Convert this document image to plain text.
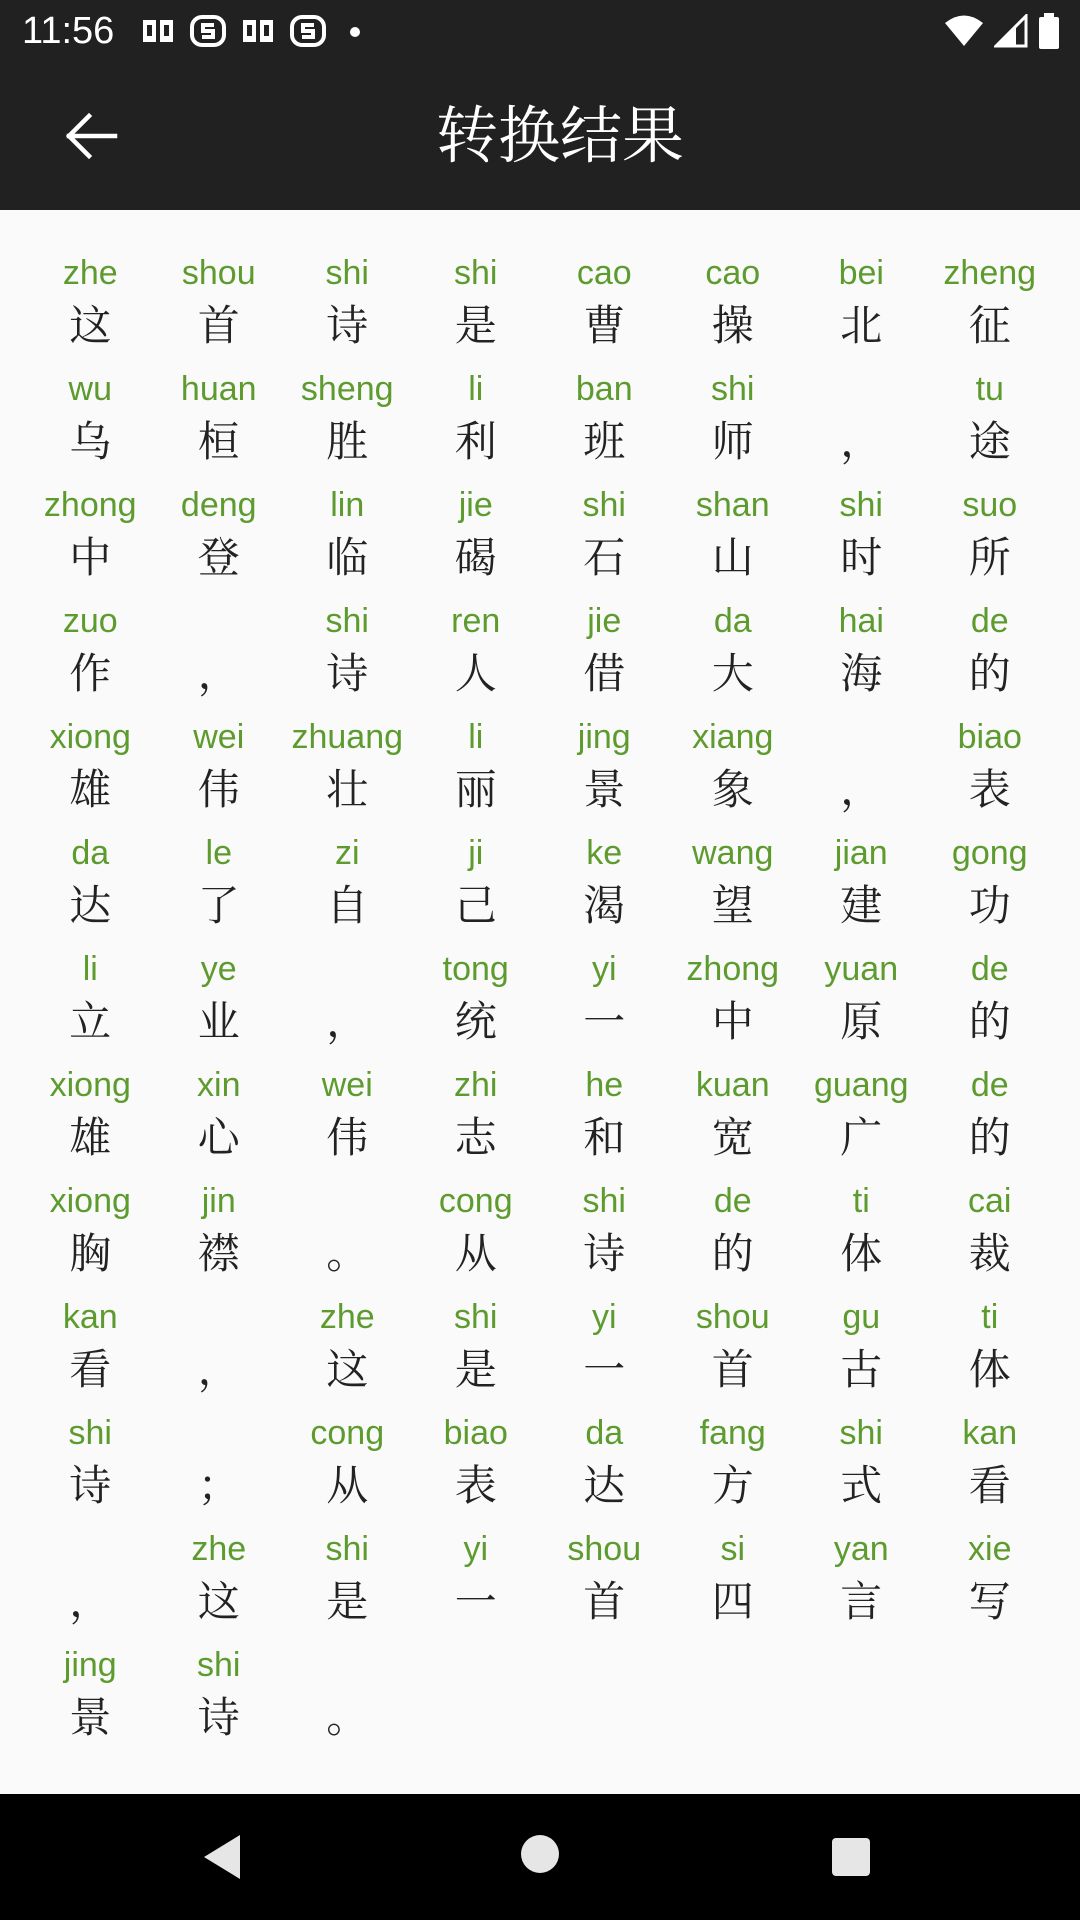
11:56
转换结果
zhe
这
shou
首
shi
诗
shi
是
cao
曹
cao
操
bei
北
zheng
征
wu
乌
huan
桓
sheng
胜
li
利
ban
班
shi
师 ，
tu
途
zhong
中
deng
登
lin
临
jie
碣
shi
石
shan
山
shi
时
suo
所
zuo
作 ，
shi
诗
ren
人
jie
借
da
大
hai
海
de
的
xiong
雄
wei
伟
zhuang
壮
li
丽
jing
景
xiang
象 ，
biao
表
da
达
le
了
zi
自
ji
己
ke
渴
wang
望
jian
建
gong
功
li
立
ye
业 ，
tong
统
yi
一
zhong
中
yuan
原
de
的
xiong
雄
xin
心
wei
伟
zhi
志
he
和
kuan
宽
guang
广
de
的
xiong
胸
jin
襟 。
cong
从
shi
诗
de
的
ti
体
cai
裁
kan
看 ，
zhe
这
shi
是
yi
一
shou
首
gu
古
ti
体
shi
诗 ；
cong
从
biao
表
da
达
fang
方
shi
式
kan
看
，
zhe
这
shi
是
yi
一
shou
首
si
四
yan
言
xie
写
jing
景
shi
诗 。
